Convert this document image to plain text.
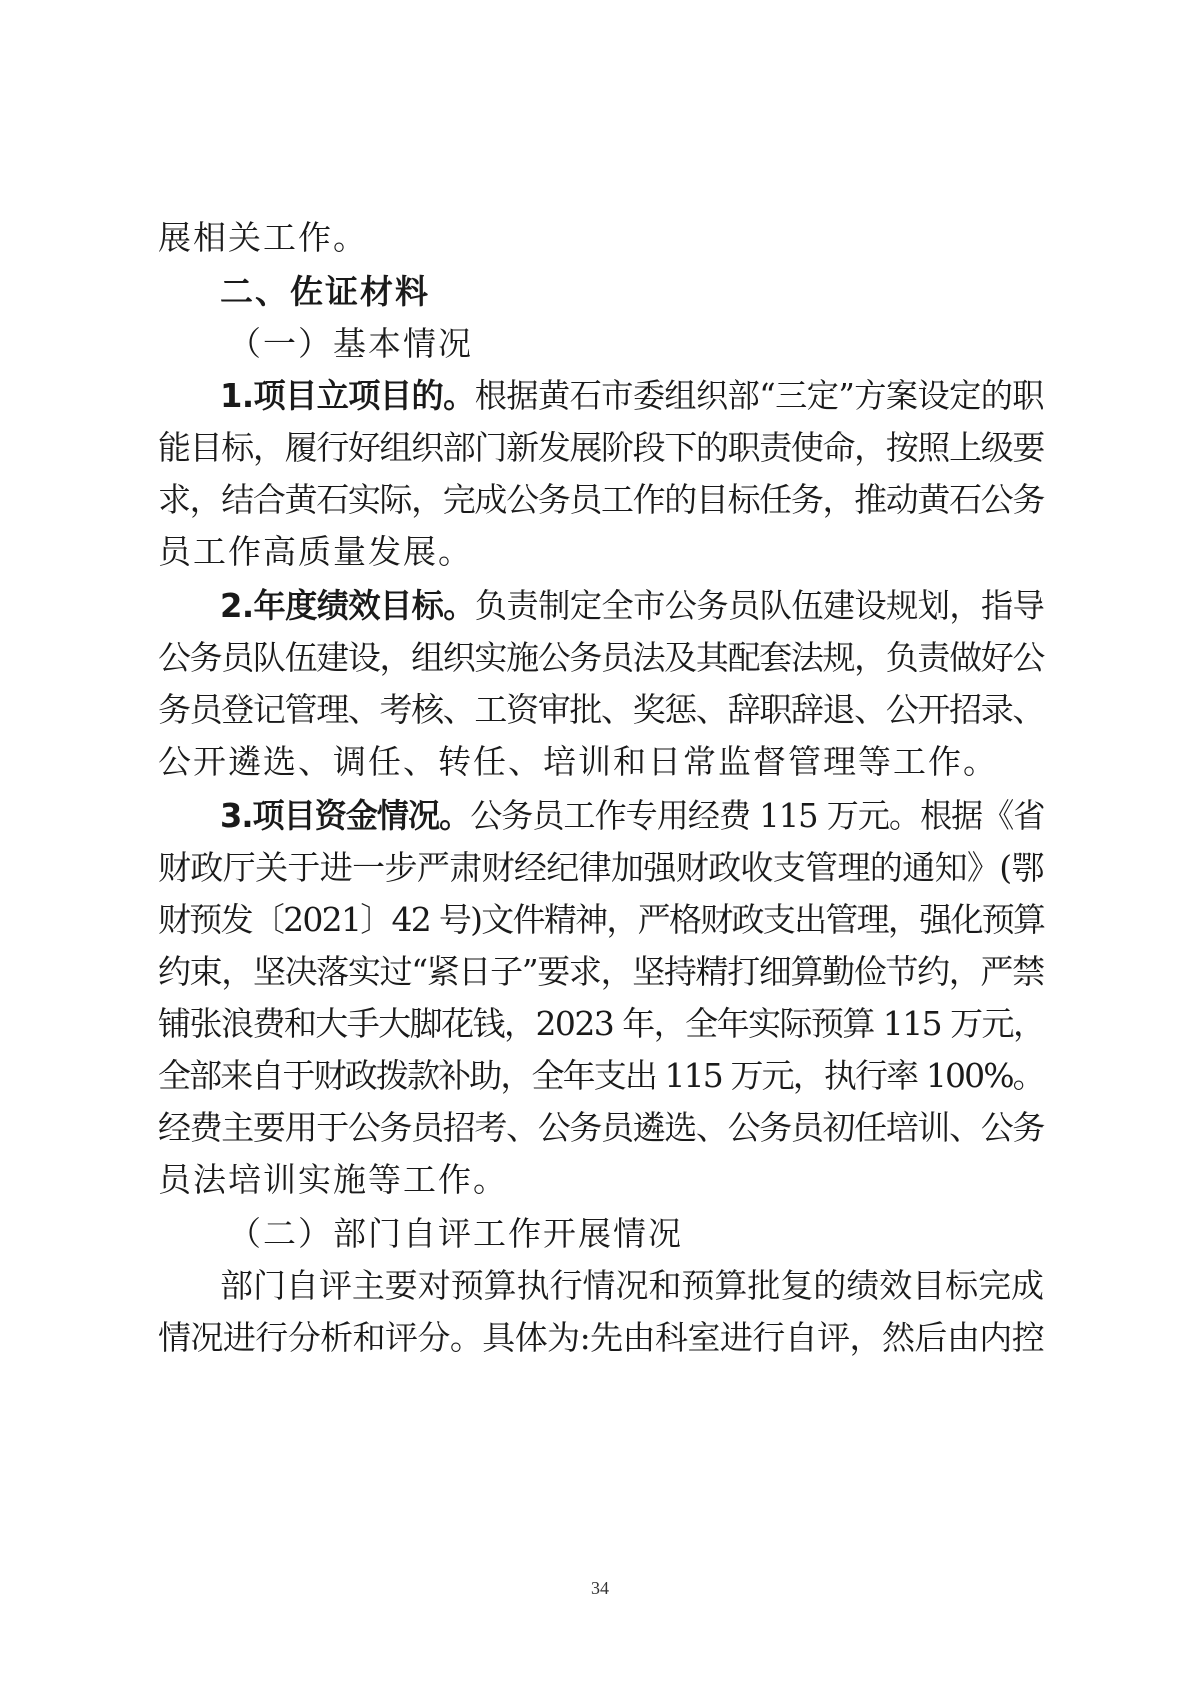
展相关工作。
二、佐证材料
（一）基本情况
1.项目立项目的。根据黄石市委组织部“三定”方案设定的职
能目标，履行好组织部门新发展阶段下的职责使命，按照上级要
求，结合黄石实际，完成公务员工作的目标任务，推动黄石公务
员工作高质量发展。
2.年度绩效目标。负责制定全市公务员队伍建设规划，指导
公务员队伍建设，组织实施公务员法及其配套法规，负责做好公
务员登记管理、考核、工资审批、奖惩、辞职辞退、公开招录、
公开遴选、调任、转任、培训和日常监督管理等工作。
3.项目资金情况。公务员工作专用经费 115 万元。根据《省
财政厅关于进一步严肃财经纪律加强财政收支管理的通知》(鄂
财预发〔2021〕42 号)文件精神，严格财政支出管理，强化预算
约束，坚决落实过“紧日子”要求，坚持精打细算勤俭节约，严禁
铺张浪费和大手大脚花钱，2023 年，全年实际预算 115 万元，
全部来自于财政拨款补助，全年支出 115 万元，执行率 100%。
经费主要用于公务员招考、公务员遴选、公务员初任培训、公务
员法培训实施等工作。
（二）部门自评工作开展情况
部门自评主要对预算执行情况和预算批复的绩效目标完成
情况进行分析和评分。具体为:先由科室进行自评，然后由内控
34
